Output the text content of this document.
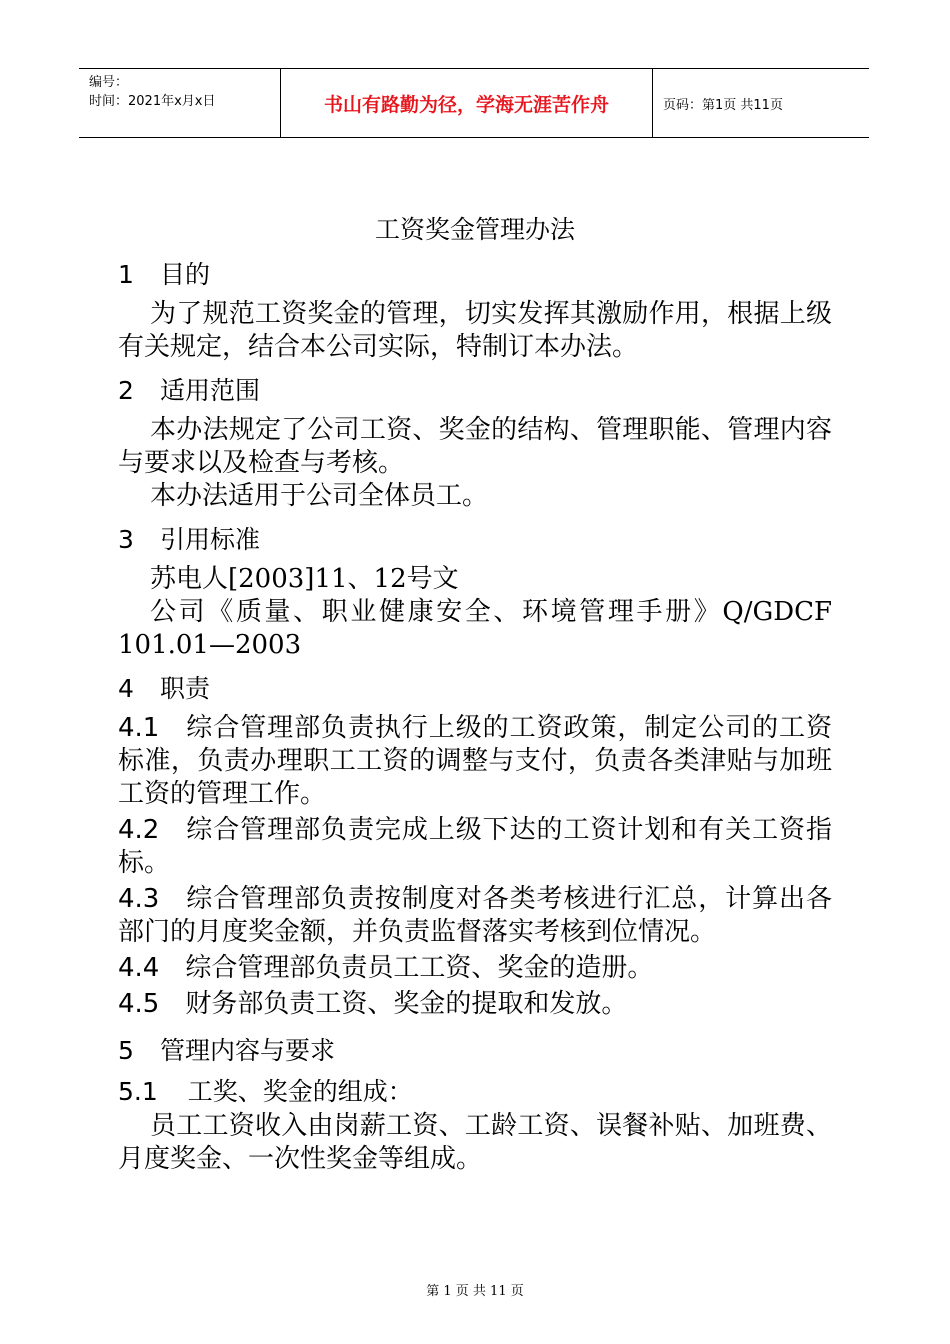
编号：
时间：2021年x月x日	书山有路勤为径，学海无涯苦作舟	页码：第1页 共11页
工资奖金管理办法
1 目的

为了规范工资奖金的管理，切实发挥其激励作用，根据上级有关规定，结合本公司实际，特制订本办法。

2 适用范围

本办法规定了公司工资、奖金的结构、管理职能、管理内容与要求以及检查与考核。

本办法适用于公司全体员工。

3 引用标准

苏电人[2003]11、12号文

公司《质量、职业健康安全、环境管理手册》Q/GDCF 101.01—2003

4 职责

4.1 综合管理部负责执行上级的工资政策，制定公司的工资标准，负责办理职工工资的调整与支付，负责各类津贴与加班工资的管理工作。

4.2 综合管理部负责完成上级下达的工资计划和有关工资指标。

4.3 综合管理部负责按制度对各类考核进行汇总，计算出各部门的月度奖金额，并负责监督落实考核到位情况。

4.4 综合管理部负责员工工资、奖金的造册。

4.5 财务部负责工资、奖金的提取和发放。

5 管理内容与要求
5.1 工奖、奖金的组成：

员工工资收入由岗薪工资、工龄工资、误餐补贴、加班费、月度奖金、一次性奖金等组成。

第 1 页 共 11 页
